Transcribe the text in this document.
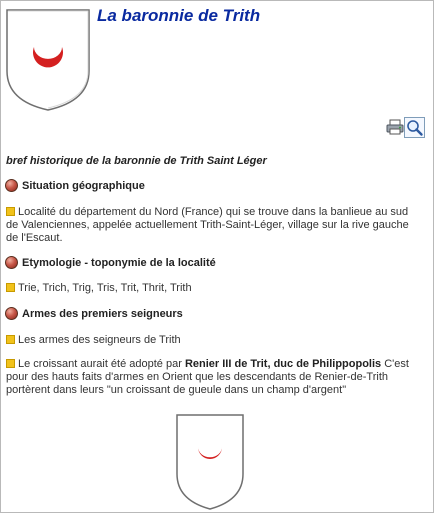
La baronnie de Trith
bref historique de la baronnie de Trith Saint Léger
Situation géographique
Localité du département du Nord (France) qui se trouve dans la banlieue au sud de Valenciennes, appelée actuellement Trith-Saint-Léger, village sur la rive gauche de l'Escaut.
Etymologie - toponymie de la localité
Trie, Trich, Trig, Tris, Trit, Thrit, Trith
Armes des premiers seigneurs
Les armes des seigneurs de Trith
Le croissant aurait été adopté par Renier III de Trit, duc de Philippopolis C'est pour des hauts faits d'armes en Orient que les descendants de Renier-de-Trith portèrent dans leurs "un croissant de gueule dans un champ d'argent"
